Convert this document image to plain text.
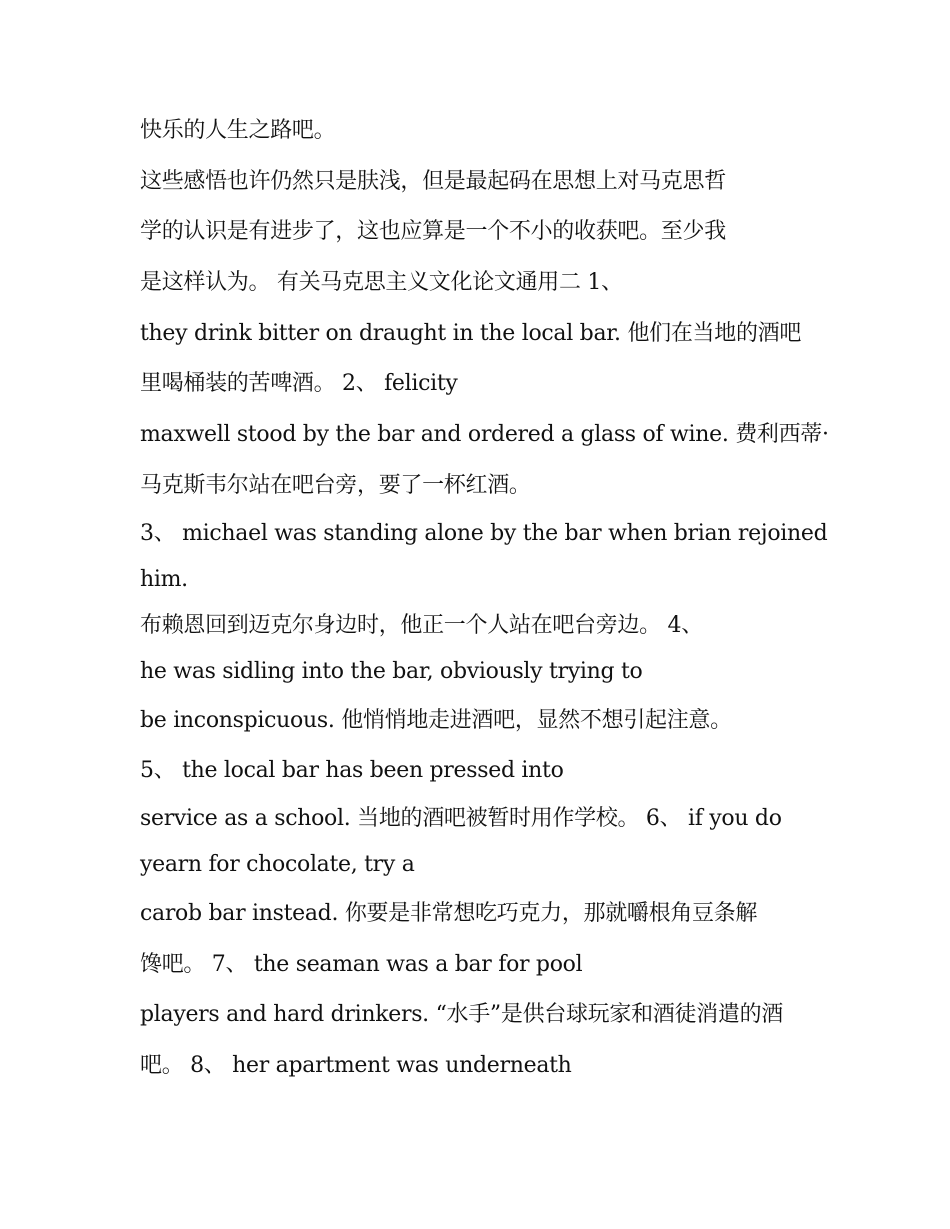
快乐的人生之路吧。
这些感悟也许仍然只是肤浅，但是最起码在思想上对马克思哲
学的认识是有进步了，这也应算是一个不小的收获吧。至少我
是这样认为。 有关马克思主义文化论文通用二 1、
they drink bitter on draught in the local bar. 他们在当地的酒吧
里喝桶装的苦啤酒。 2、 felicity
maxwell stood by the bar and ordered a glass of wine. 费利西蒂·
马克斯韦尔站在吧台旁，要了一杯红酒。
3、 michael was standing alone by the bar when brian rejoined
him.
布赖恩回到迈克尔身边时，他正一个人站在吧台旁边。 4、
he was sidling into the bar, obviously trying to
be inconspicuous. 他悄悄地走进酒吧，显然不想引起注意。
5、 the local bar has been pressed into
service as a school. 当地的酒吧被暂时用作学校。 6、 if you do
yearn for chocolate, try a
carob bar instead. 你要是非常想吃巧克力，那就嚼根角豆条解
馋吧。 7、 the seaman was a bar for pool
players and hard drinkers. “水手”是供台球玩家和酒徒消遣的酒
吧。 8、 her apartment was underneath
